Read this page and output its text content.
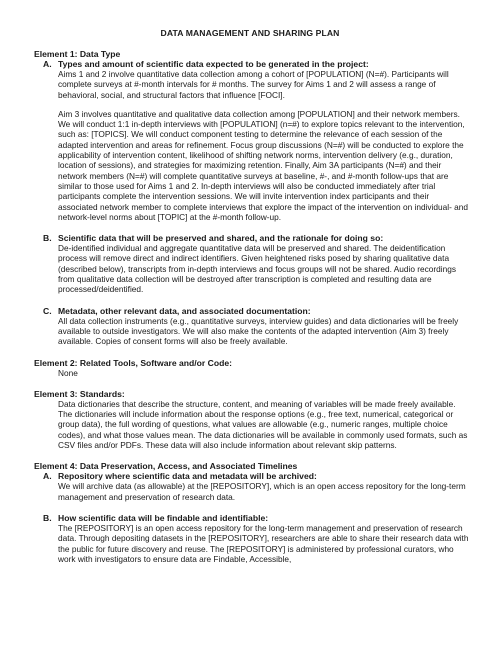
DATA MANAGEMENT AND SHARING PLAN

Element 1: Data Type

A. Types and amount of scientific data expected to be generated in the project:

Aims 1 and 2 involve quantitative data collection among a cohort of [POPULATION] (N=#). Participants will complete surveys at #-month intervals for # months. The survey for Aims 1 and 2 will assess a range of behavioral, social, and structural factors that influence [FOCI].

Aim 3 involves quantitative and qualitative data collection among [POPULATION] and their network members. We will conduct 1:1 in-depth interviews with [POPULATION] (n=#) to explore topics relevant to the intervention, such as: [TOPICS]. We will conduct component testing to determine the relevance of each session of the adapted intervention and areas for refinement. Focus group discussions (N=#) will be conducted to explore the applicability of intervention content, likelihood of shifting network norms, intervention delivery (e.g., duration, location of sessions), and strategies for maximizing retention. Finally, Aim 3A participants (N=#) and their network members (N=#) will complete quantitative surveys at baseline, #-, and #-month follow-ups that are similar to those used for Aims 1 and 2. In-depth interviews will also be conducted immediately after trial participants complete the intervention sessions. We will invite intervention index participants and their associated network member to complete interviews that explore the impact of the intervention on individual- and network-level norms about [TOPIC] at the #-month follow-up.

B. Scientific data that will be preserved and shared, and the rationale for doing so:

De-identified individual and aggregate quantitative data will be preserved and shared. The deidentification process will remove direct and indirect identifiers. Given heightened risks posed by sharing qualitative data (described below), transcripts from in-depth interviews and focus groups will not be shared. Audio recordings from qualitative data collection will be destroyed after transcription is completed and resulting data are processed/deidentified.

C. Metadata, other relevant data, and associated documentation:

All data collection instruments (e.g., quantitative surveys, interview guides) and data dictionaries will be freely available to outside investigators. We will also make the contents of the adapted intervention (Aim 3) freely available. Copies of consent forms will also be freely available.

Element 2: Related Tools, Software and/or Code:

None

Element 3: Standards:

Data dictionaries that describe the structure, content, and meaning of variables will be made freely available. The dictionaries will include information about the response options (e.g., free text, numerical, categorical or group data), the full wording of questions, what values are allowable (e.g., numeric ranges, multiple choice codes), and what those values mean. The data dictionaries will be available in commonly used formats, such as CSV files and/or PDFs. These data will also include information about relevant skip patterns.

Element 4: Data Preservation, Access, and Associated Timelines

A. Repository where scientific data and metadata will be archived:

We will archive data (as allowable) at the [REPOSITORY], which is an open access repository for the long-term management and preservation of research data.

B. How scientific data will be findable and identifiable:

The [REPOSITORY] is an open access repository for the long-term management and preservation of research data. Through depositing datasets in the [REPOSITORY], researchers are able to share their research data with the public for future discovery and reuse. The [REPOSITORY] is administered by professional curators, who work with investigators to ensure data are Findable, Accessible,
